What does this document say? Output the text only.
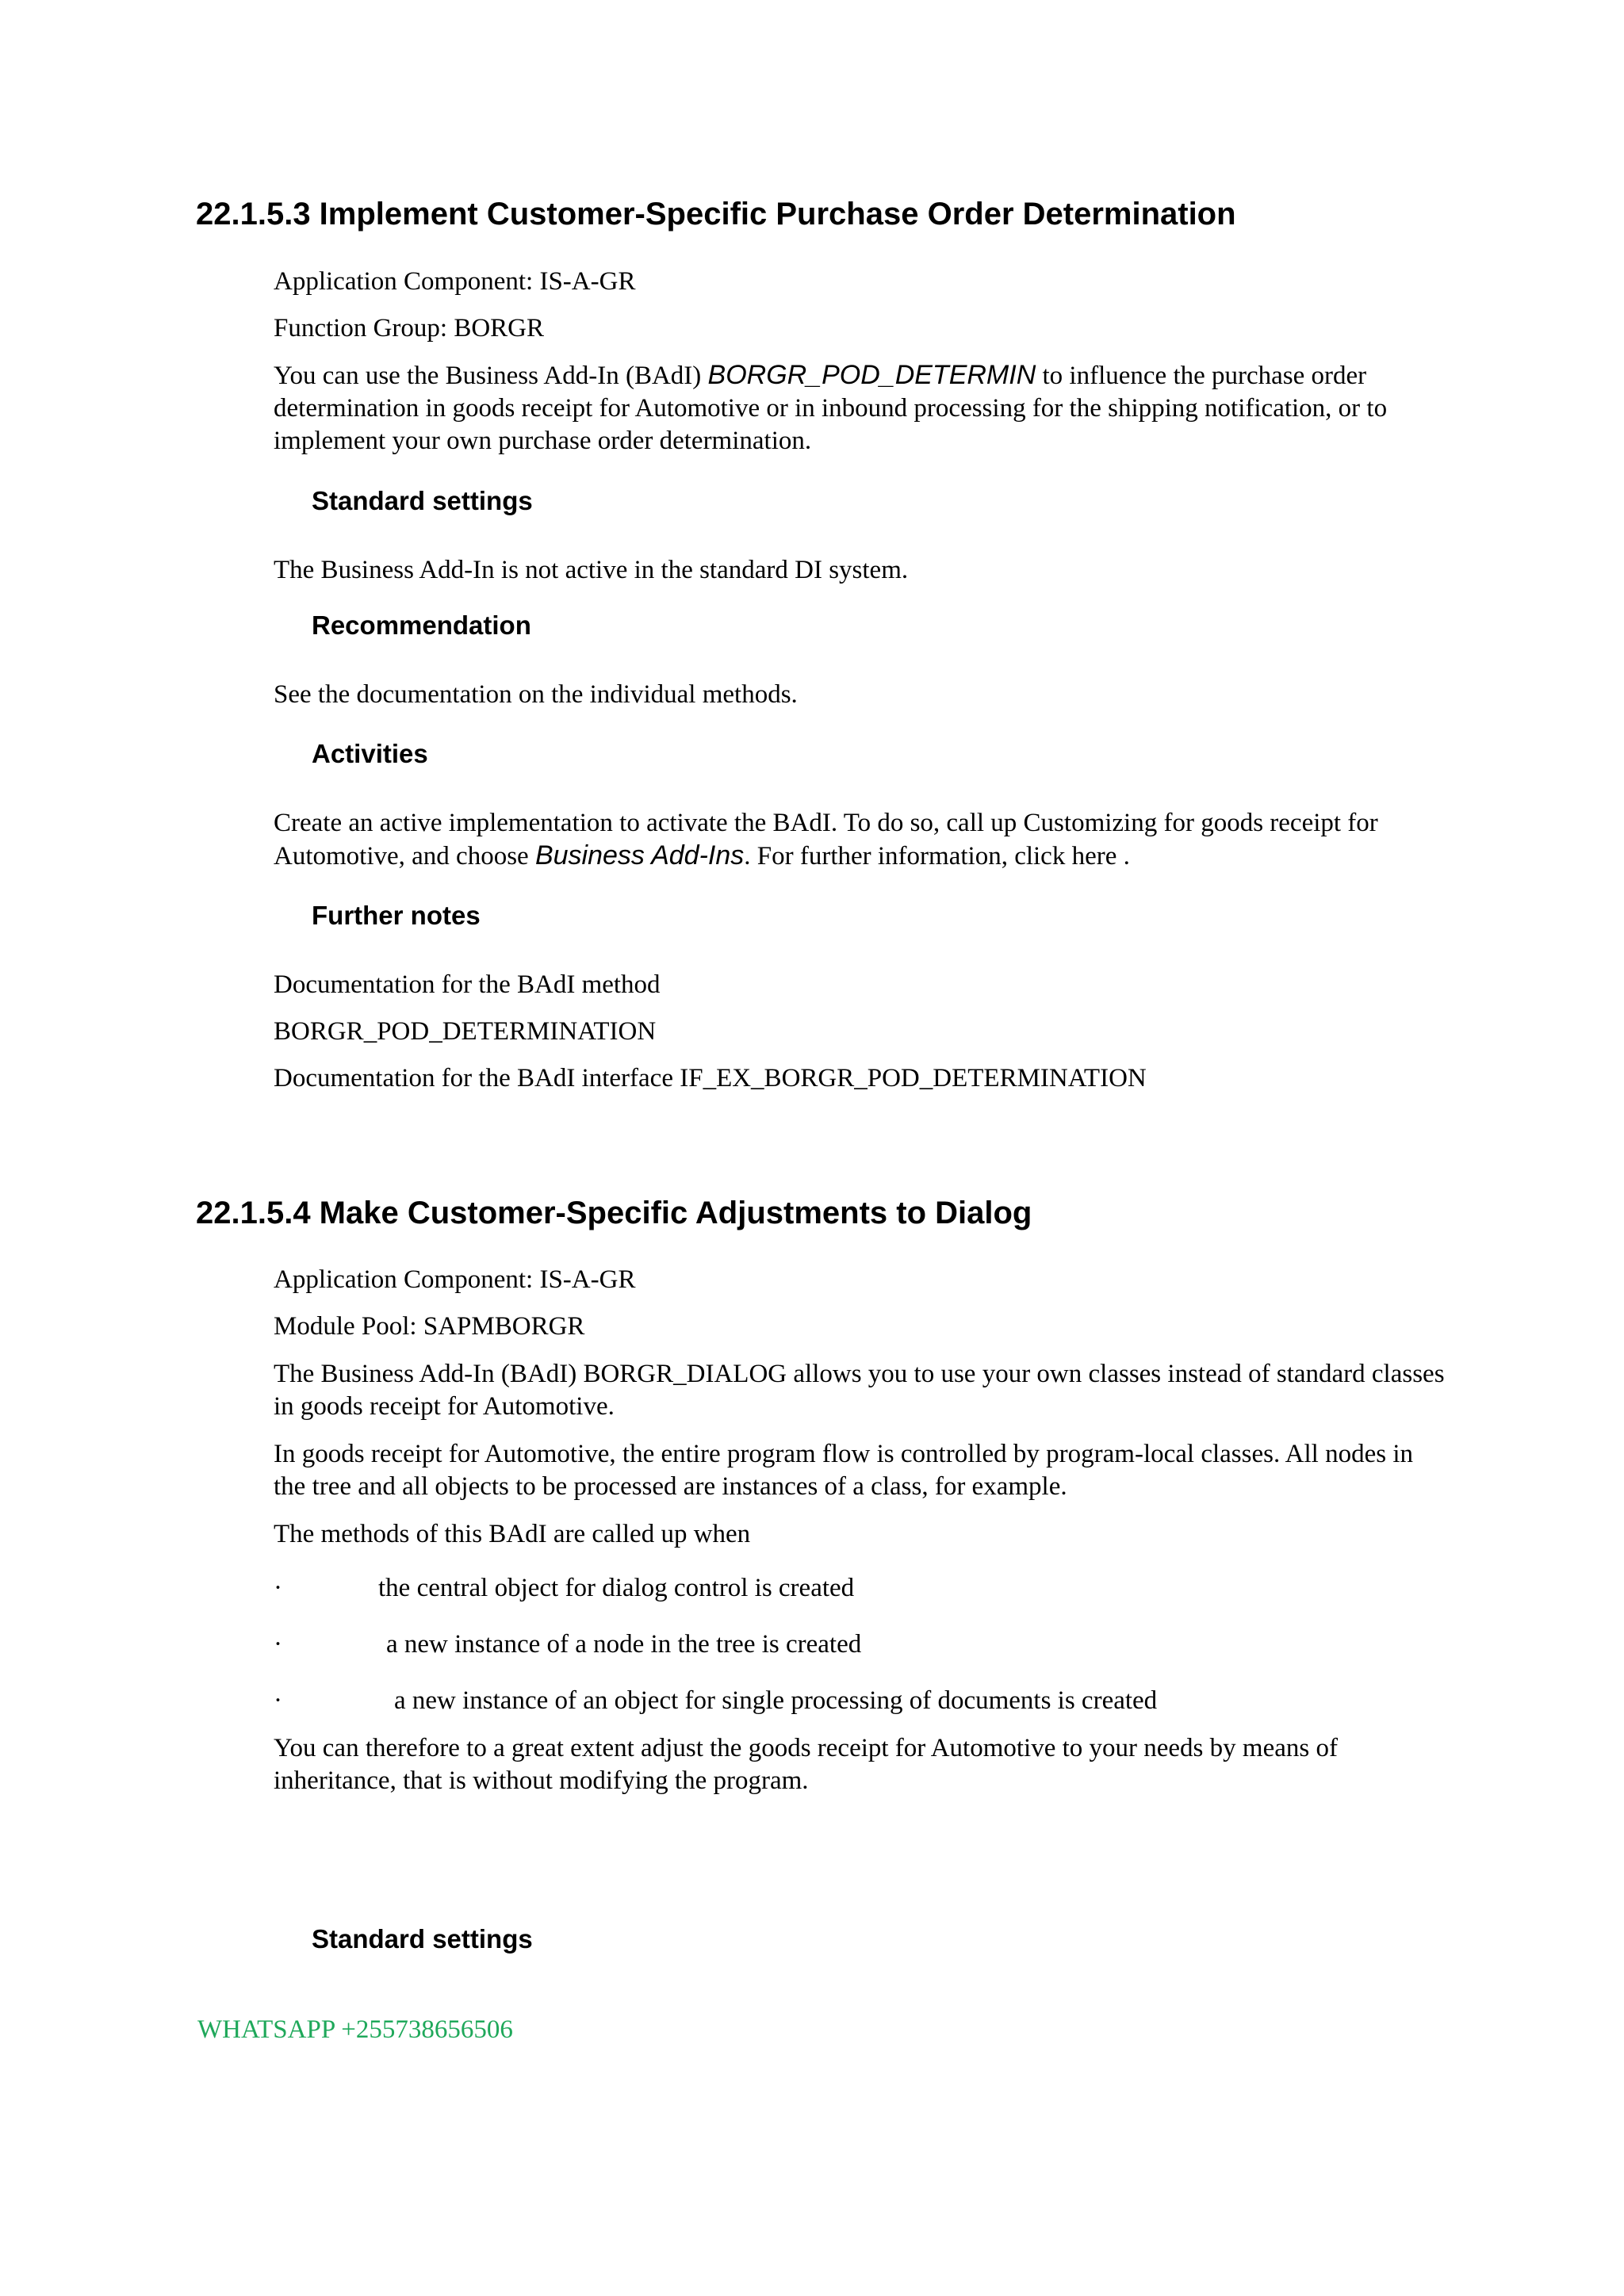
22.1.5.3 Implement Customer-Specific Purchase Order Determination

Application Component: IS-A-GR

Function Group: BORGR

You can use the Business Add-In (BAdI) BORGR_POD_DETERMIN to influence the purchase order determination in goods receipt for Automotive or in inbound processing for the shipping notification, or to implement your own purchase order determination.

Standard settings

The Business Add-In is not active in the standard DI system.

Recommendation

See the documentation on the individual methods.

Activities

Create an active implementation to activate the BAdI. To do so, call up Customizing for goods receipt for Automotive, and choose Business Add-Ins. For further information, click here .

Further notes

Documentation for the BAdI method

BORGR_POD_DETERMINATION

Documentation for the BAdI interface IF_EX_BORGR_POD_DETERMINATION

22.1.5.4 Make Customer-Specific Adjustments to Dialog

Application Component: IS-A-GR

Module Pool: SAPMBORGR

The Business Add-In (BAdI) BORGR_DIALOG allows you to use your own classes instead of standard classes in goods receipt for Automotive.

In goods receipt for Automotive, the entire program flow is controlled by program-local classes. All nodes in the tree and all objects to be processed are instances of a class, for example.

The methods of this BAdI are called up when

·	the central object for dialog control is created
·	a new instance of a node in the tree is created
·	a new instance of an object for single processing of documents is created

You can therefore to a great extent adjust the goods receipt for Automotive to your needs by means of inheritance, that is without modifying the program.

Standard settings
WHATSAPP +255738656506
